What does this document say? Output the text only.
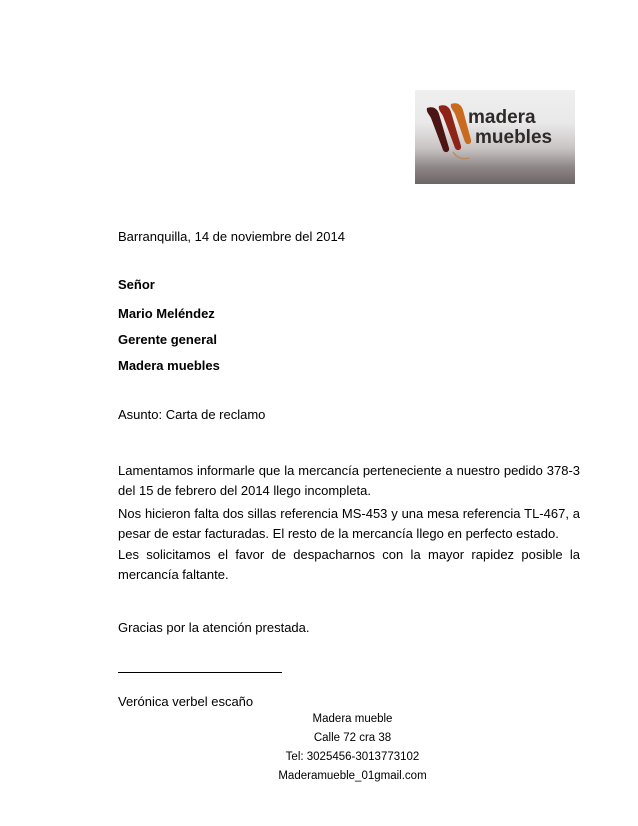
madera
muebles
Barranquilla, 14 de noviembre del 2014
Señor
Mario Meléndez
Gerente general
Madera muebles
Asunto: Carta de reclamo
Lamentamos informarle que la mercancía perteneciente a nuestro pedido 378-3 del 15 de febrero del 2014 llego incompleta.
Nos hicieron falta dos sillas referencia MS-453 y una mesa referencia TL-467, a pesar de estar facturadas. El resto de la mercancía llego en perfecto estado.
Les solicitamos el favor de despacharnos con la mayor rapidez posible la mercancía faltante.
Gracias por la atención prestada.
Verónica verbel escaño
Madera mueble
Calle 72 cra 38
Tel: 3025456-3013773102
Maderamueble_01gmail.com
